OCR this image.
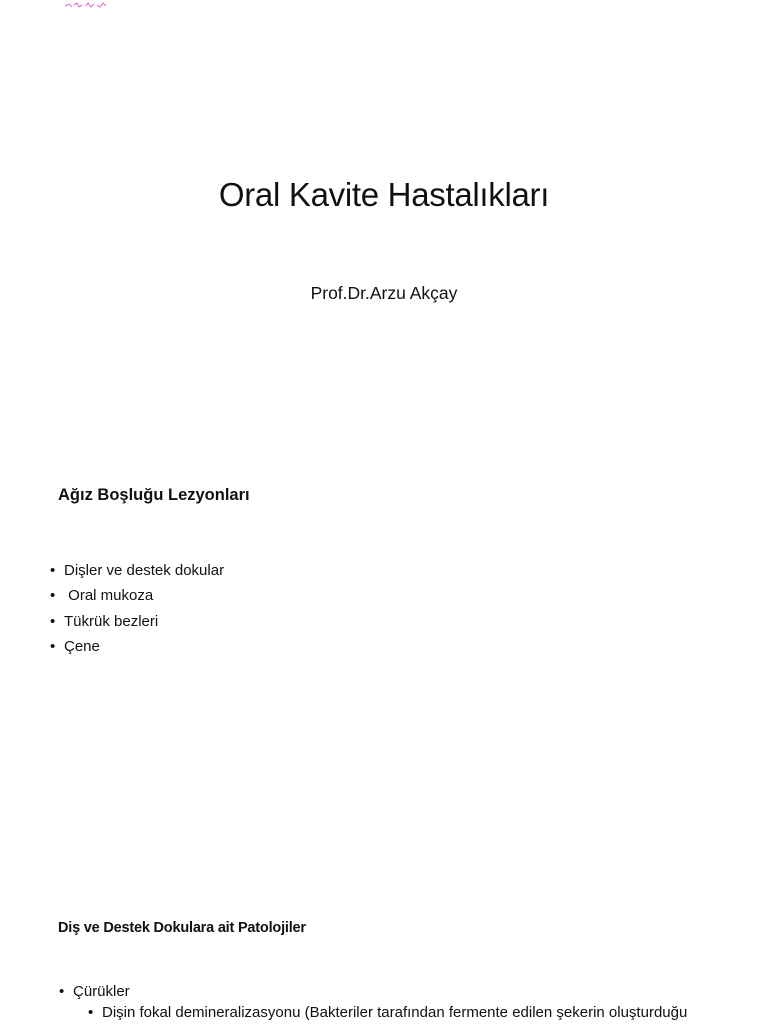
Oral Kavite Hastalıkları
Prof.Dr.Arzu Akçay
Ağız Boşluğu Lezyonları
• Dişler ve destek dokular
• Oral mukoza
• Tükrük bezleri
• Çene
Diş ve Destek Dokulara ait Patolojiler
• Çürükler
• Dişin fokal demineralizasyonu (Bakteriler tarafından fermente edilen şekerin oluşturduğu
